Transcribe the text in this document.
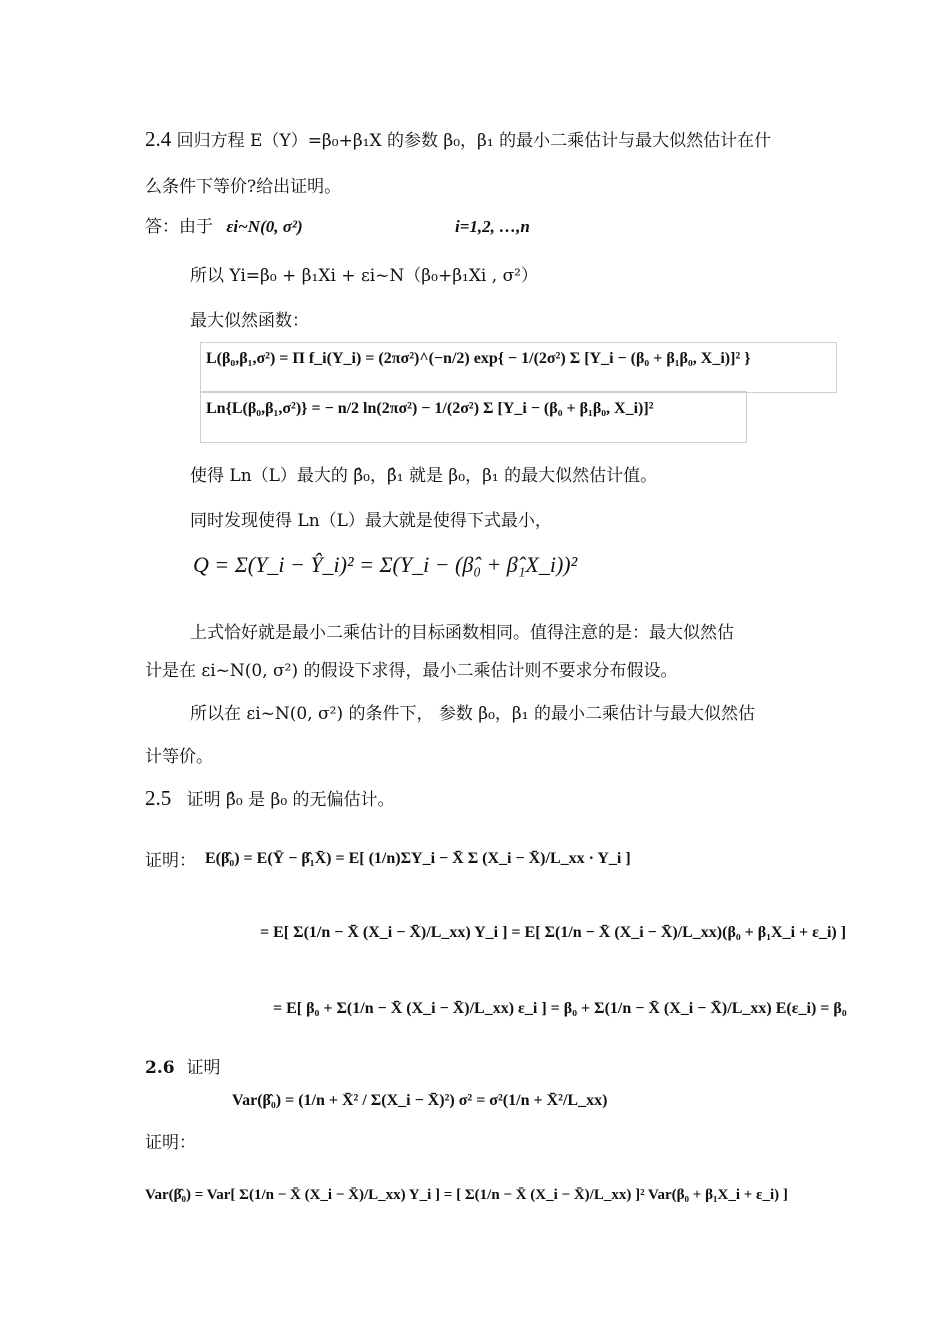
2.4 回归方程 E（Y）=β₀+β₁X 的参数 β₀，β₁ 的最小二乘估计与最大似然估计在什
么条件下等价?给出证明。
答：由于 εi~N(0, σ²)	i=1,2, …,n
所以 Yi=β₀ + β₁Xi + εi~N（β₀+β₁Xi , σ²）
最大似然函数：
L(β₀,β₁,σ²) = Π f_i(Y_i) = (2πσ²)^(−n/2) exp{ − 1/(2σ²) Σ [Y_i − (β₀ + β₁β₀, X_i)]² }
Ln{L(β₀,β₁,σ²)} = − n/2 ln(2πσ²) − 1/(2σ²) Σ [Y_i − (β₀ + β₁β₀, X_i)]²
使得 Ln（L）最大的 β̂₀，β̂₁ 就是 β₀，β₁ 的最大似然估计值。
同时发现使得 Ln（L）最大就是使得下式最小，
Q = Σ(Y_i − Ŷ_i)² = Σ(Y_i − (β̂₀ + β̂₁X_i))²
上式恰好就是最小二乘估计的目标函数相同。值得注意的是：最大似然估
计是在 εi~N(0, σ²) 的假设下求得，最小二乘估计则不要求分布假设。
所以在 εi~N(0, σ²) 的条件下， 参数 β₀，β₁ 的最小二乘估计与最大似然估
计等价。
2.5 证明 β̂₀ 是 β₀ 的无偏估计。
证明： E(β̂₀) = E(Ȳ − β̂₁X̄) = E[ (1/n)ΣY_i − X̄ Σ (X_i − X̄)/L_xx · Y_i ]
= E[ Σ(1/n − X̄ (X_i − X̄)/L_xx) Y_i ] = E[ Σ(1/n − X̄ (X_i − X̄)/L_xx)(β₀ + β₁X_i + ε_i) ]
= E[ β₀ + Σ(1/n − X̄ (X_i − X̄)/L_xx) ε_i ] = β₀ + Σ(1/n − X̄ (X_i − X̄)/L_xx) E(ε_i) = β₀
2.6 证明
Var(β̂₀) = (1/n + X̄² / Σ(X_i − X̄)²) σ² = σ²(1/n + X̄²/L_xx)
证明：
Var(β̂₀) = Var[ Σ(1/n − X̄ (X_i − X̄)/L_xx) Y_i ] = [ Σ(1/n − X̄ (X_i − X̄)/L_xx) ]² Var(β₀ + β₁X_i + ε_i) ]
